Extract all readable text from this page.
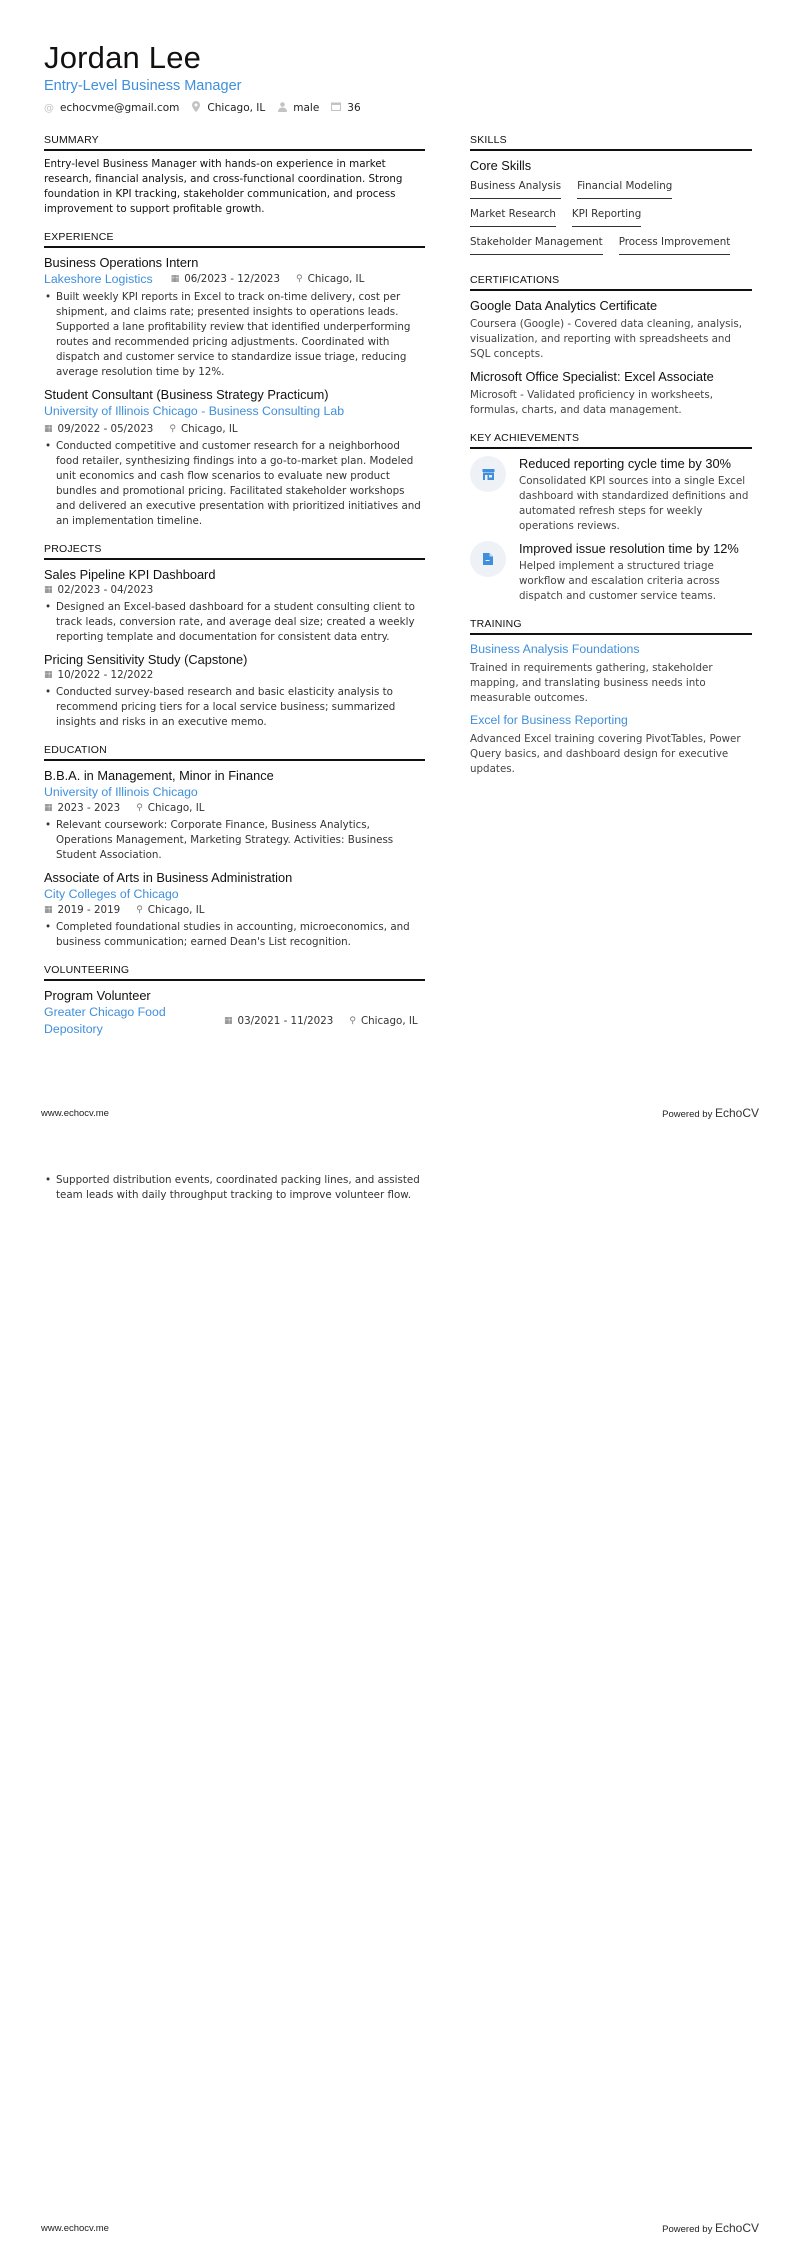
Jordan Lee
Entry-Level Business Manager
@ echocvme@gmail.com	Chicago, IL	male	36
SUMMARY
Entry-level Business Manager with hands-on experience in market research, financial analysis, and cross-functional coordination. Strong foundation in KPI tracking, stakeholder communication, and process improvement to support profitable growth.
EXPERIENCE
Business Operations Intern
Lakeshore Logistics ▦ 06/2023 - 12/2023 ⚲ Chicago, IL
• Built weekly KPI reports in Excel to track on-time delivery, cost per shipment, and claims rate; presented insights to operations leads. Supported a lane profitability review that identified underperforming routes and recommended pricing adjustments. Coordinated with dispatch and customer service to standardize issue triage, reducing average resolution time by 12%.
Student Consultant (Business Strategy Practicum)
University of Illinois Chicago - Business Consulting Lab
▦ 09/2022 - 05/2023 ⚲ Chicago, IL
• Conducted competitive and customer research for a neighborhood food retailer, synthesizing findings into a go-to-market plan. Modeled unit economics and cash flow scenarios to evaluate new product bundles and promotional pricing. Facilitated stakeholder workshops and delivered an executive presentation with prioritized initiatives and an implementation timeline.
PROJECTS
Sales Pipeline KPI Dashboard
▦ 02/2023 - 04/2023
• Designed an Excel-based dashboard for a student consulting client to track leads, conversion rate, and average deal size; created a weekly reporting template and documentation for consistent data entry.
Pricing Sensitivity Study (Capstone)
▦ 10/2022 - 12/2022
• Conducted survey-based research and basic elasticity analysis to recommend pricing tiers for a local service business; summarized insights and risks in an executive memo.
EDUCATION
B.B.A. in Management, Minor in Finance
University of Illinois Chicago
▦ 2023 - 2023 ⚲ Chicago, IL
• Relevant coursework: Corporate Finance, Business Analytics, Operations Management, Marketing Strategy. Activities: Business Student Association.
Associate of Arts in Business Administration
City Colleges of Chicago
▦ 2019 - 2019 ⚲ Chicago, IL
• Completed foundational studies in accounting, microeconomics, and business communication; earned Dean's List recognition.
VOLUNTEERING
Program Volunteer
Greater Chicago Food Depository
▦ 03/2021 - 11/2023 ⚲ Chicago, IL
SKILLS
Core Skills
Business Analysis Financial Modeling
Market Research KPI Reporting
Stakeholder Management Process Improvement
CERTIFICATIONS
Google Data Analytics Certificate
Coursera (Google) - Covered data cleaning, analysis, visualization, and reporting with spreadsheets and SQL concepts.
Microsoft Office Specialist: Excel Associate
Microsoft - Validated proficiency in worksheets, formulas, charts, and data management.
KEY ACHIEVEMENTS
Reduced reporting cycle time by 30%
Consolidated KPI sources into a single Excel dashboard with standardized definitions and automated refresh steps for weekly operations reviews.
Improved issue resolution time by 12%
Helped implement a structured triage workflow and escalation criteria across dispatch and customer service teams.
TRAINING
Business Analysis Foundations
Trained in requirements gathering, stakeholder mapping, and translating business needs into measurable outcomes.
Excel for Business Reporting
Advanced Excel training covering PivotTables, Power Query basics, and dashboard design for executive updates.
www.echocv.me	Powered by EchoCV
• Supported distribution events, coordinated packing lines, and assisted team leads with daily throughput tracking to improve volunteer flow.
www.echocv.me	Powered by EchoCV
